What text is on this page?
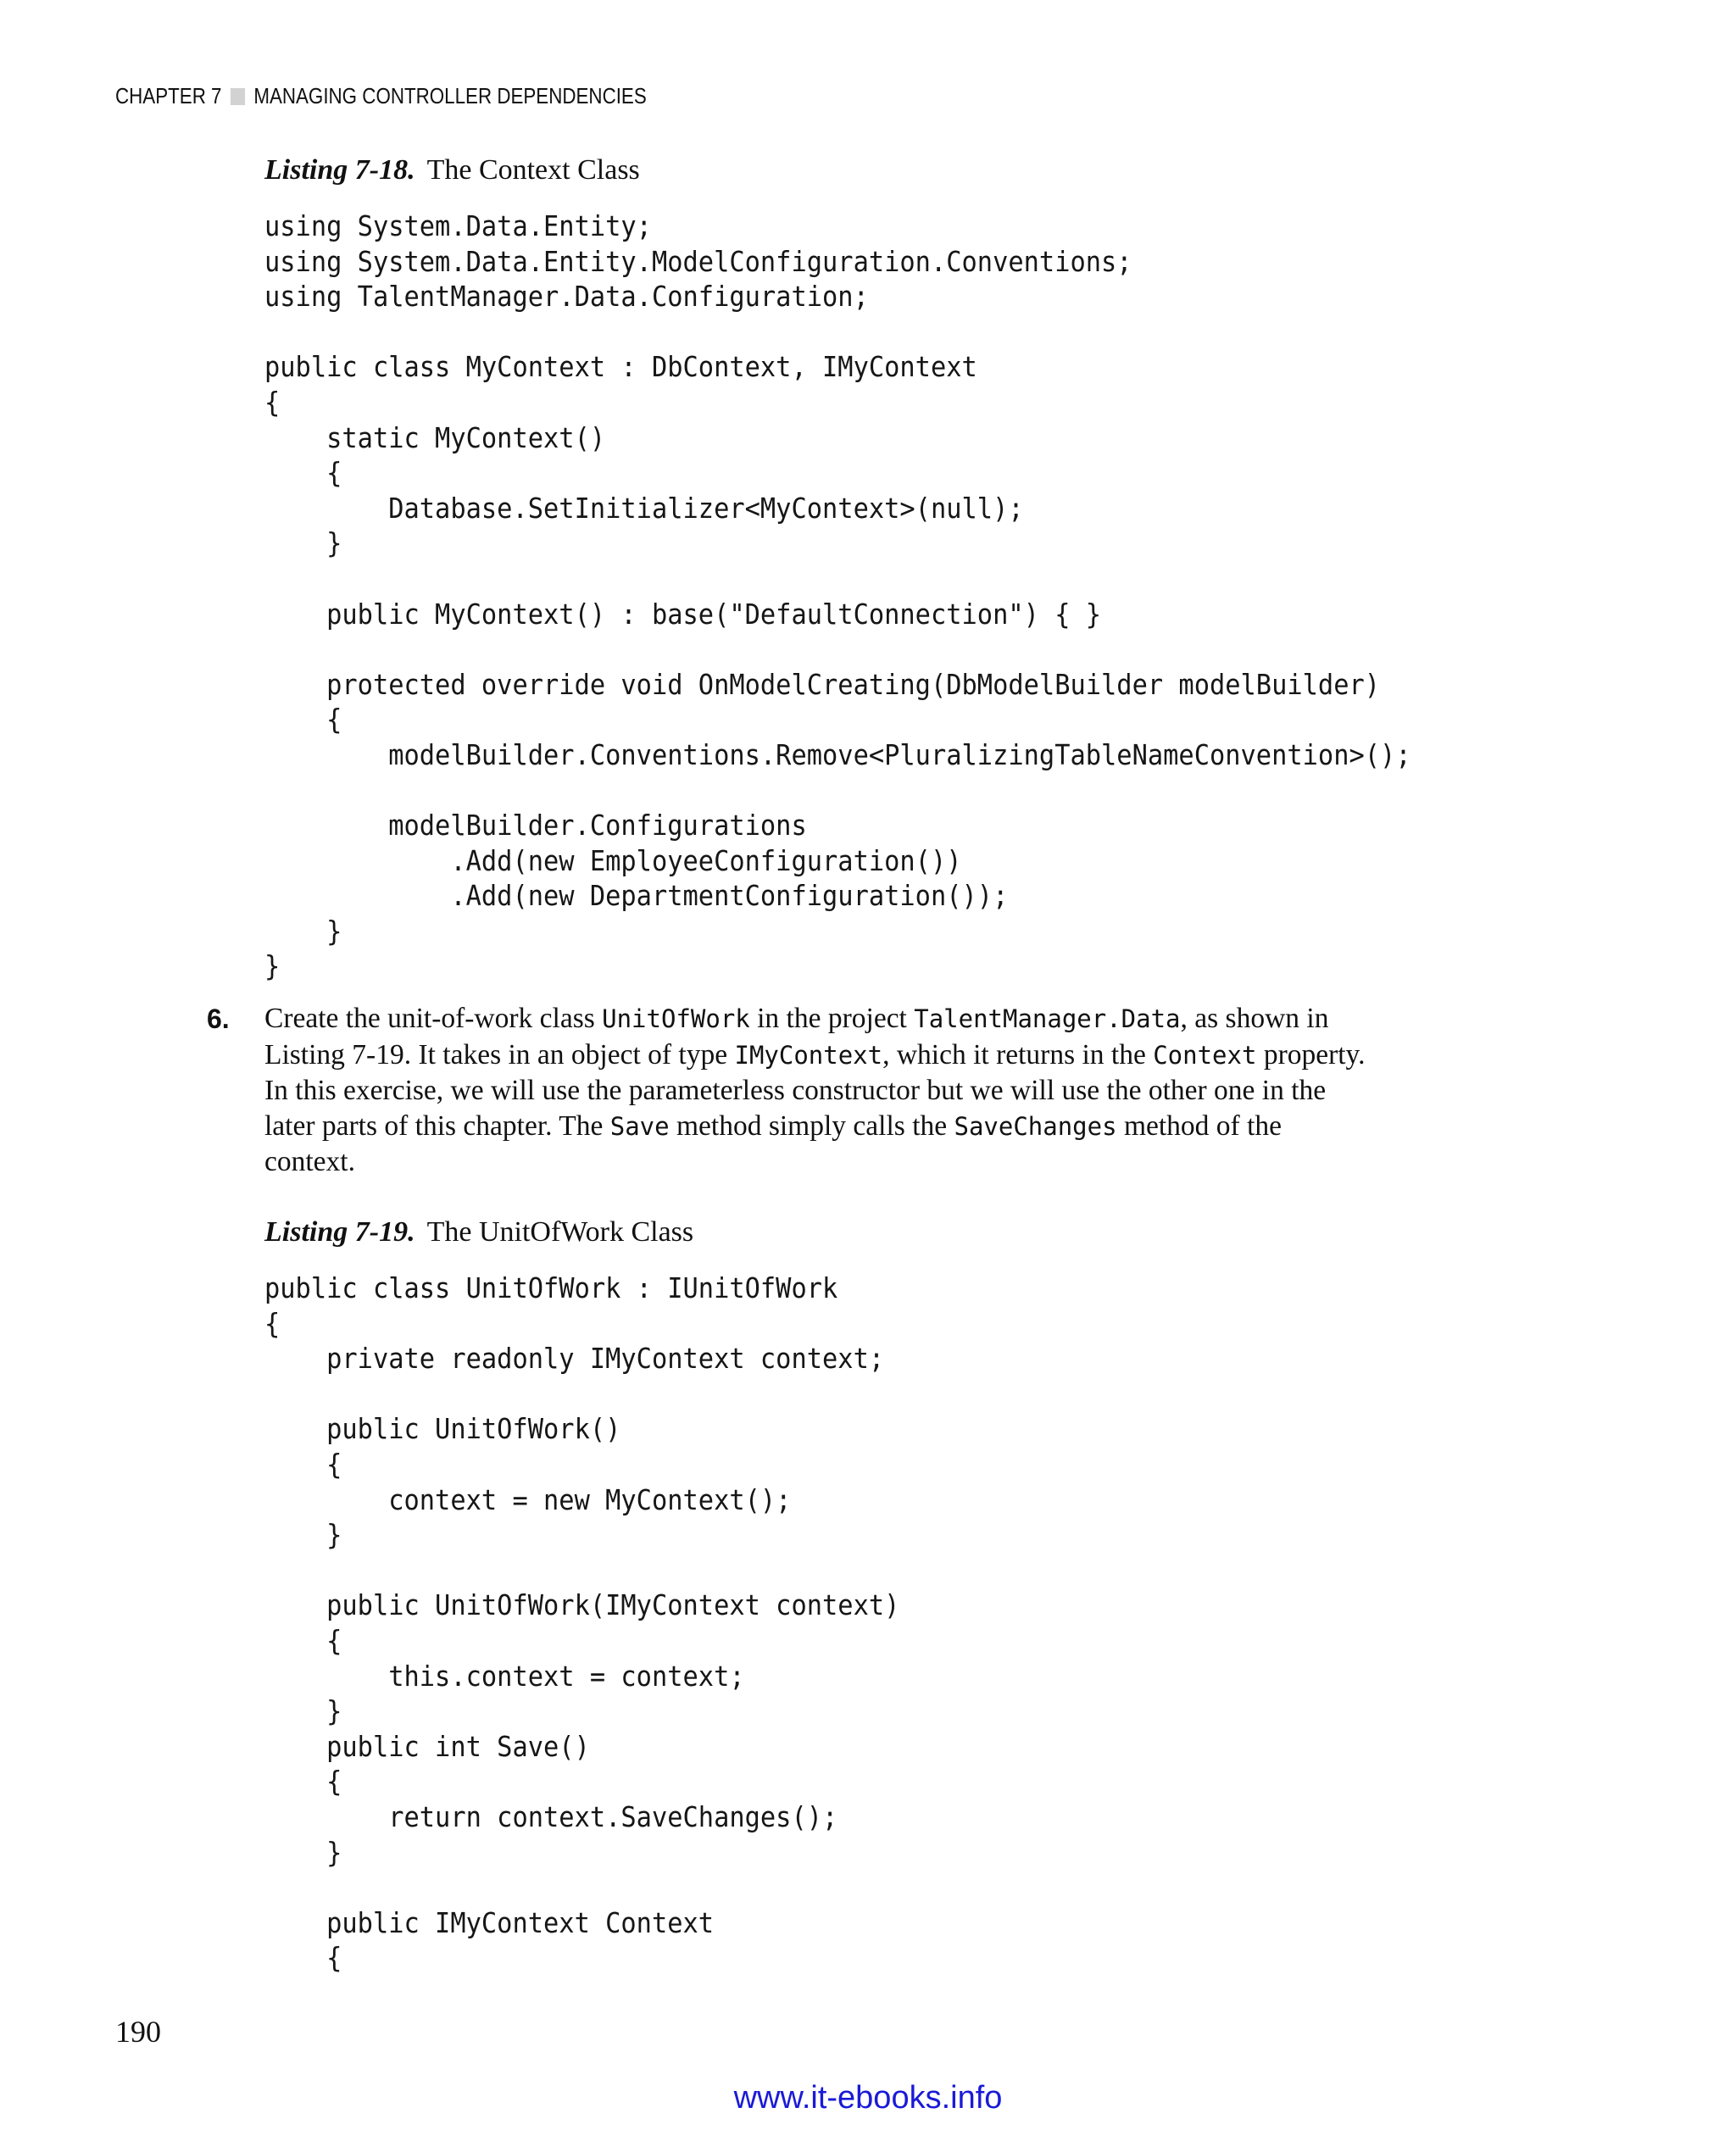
CHAPTER 7 MANAGING CONTROLLER DEPENDENCIES
Listing 7-18. The Context Class
using System.Data.Entity;
using System.Data.Entity.ModelConfiguration.Conventions;
using TalentManager.Data.Configuration;

public class MyContext : DbContext, IMyContext
{
static MyContext()
{
Database.SetInitializer<MyContext>(null);
}

public MyContext() : base("DefaultConnection") { }

protected override void OnModelCreating(DbModelBuilder modelBuilder)
{
modelBuilder.Conventions.Remove<PluralizingTableNameConvention>();

modelBuilder.Configurations
.Add(new EmployeeConfiguration())
.Add(new DepartmentConfiguration());
}
}
6. Create the unit-of-work class UnitOfWork in the project TalentManager.Data, as shown in Listing 7-19. It takes in an object of type IMyContext, which it returns in the Context property. In this exercise, we will use the parameterless constructor but we will use the other one in the later parts of this chapter. The Save method simply calls the SaveChanges method of the context.
Listing 7-19. The UnitOfWork Class
public class UnitOfWork : IUnitOfWork
{
private readonly IMyContext context;

public UnitOfWork()
{
context = new MyContext();
}

public UnitOfWork(IMyContext context)
{
this.context = context;
}
public int Save()
{
return context.SaveChanges();
}

public IMyContext Context
{
190
www.it-ebooks.info
